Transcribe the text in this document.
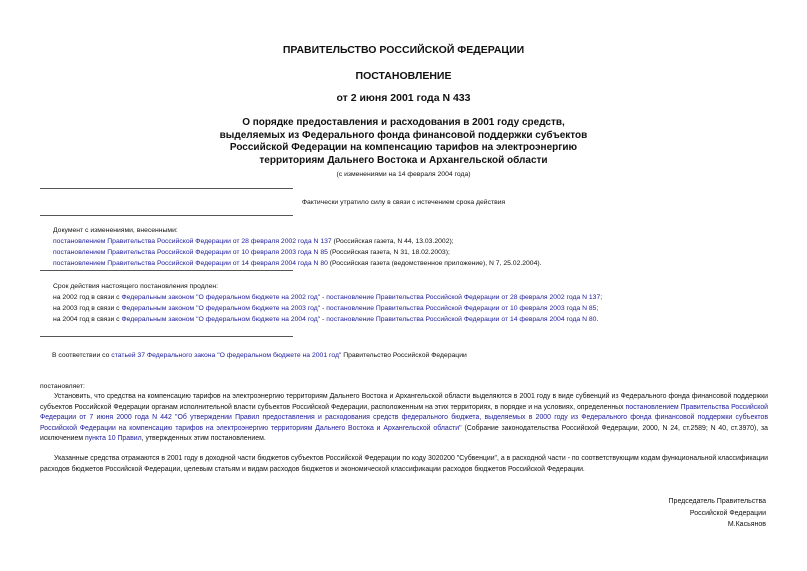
ПРАВИТЕЛЬСТВО РОССИЙСКОЙ ФЕДЕРАЦИИ
ПОСТАНОВЛЕНИЕ
от 2 июня 2001 года N 433
О порядке предоставления и расходования в 2001 году средств,
выделяемых из Федерального фонда финансовой поддержки субъектов
Российской Федерации на компенсацию тарифов на электроэнергию
территориям Дальнего Востока и Архангельской области
(с изменениями на 14 февраля 2004 года)
Фактически утратило силу в связи с истечением срока действия
Документ с изменениями, внесенными:
постановлением Правительства Российской Федерации от 28 февраля 2002 года N 137 (Российская газета, N 44, 13.03.2002);
постановлением Правительства Российской Федерации от 10 февраля 2003 года N 85 (Российская газета, N 31, 18.02.2003);
постановлением Правительства Российской Федерации от 14 февраля 2004 года N 80 (Российская газета (ведомственное приложение), N 7, 25.02.2004).
Срок действия настоящего постановления продлен:
на 2002 год в связи с Федеральным законом "О федеральном бюджете на 2002 год" - постановление Правительства Российской Федерации от 28 февраля 2002 года N 137;
на 2003 год в связи с Федеральным законом "О федеральном бюджете на 2003 год" - постановление Правительства Российской Федерации от 10 февраля 2003 года N 85;
на 2004 год в связи с Федеральным законом "О федеральном бюджете на 2004 год" - постановление Правительства Российской Федерации от 14 февраля 2004 года N 80.
В соответствии со статьей 37 Федерального закона "О федеральном бюджете на 2001 год" Правительство Российской Федерации
постановляет:
Установить, что средства на компенсацию тарифов на электроэнергию территориям Дальнего Востока и Архангельской области выделяются в 2001 году в виде субвенций из Федерального фонда финансовой поддержки субъектов Российской Федерации органам исполнительной власти субъектов Российской Федерации, расположенным на этих территориях, в порядке и на условиях, определенных постановлением Правительства Российской Федерации от 7 июня 2000 года N 442 "Об утверждении Правил предоставления и расходования средств федерального бюджета, выделяемых в 2000 году из Федерального фонда финансовой поддержки субъектов Российской Федерации на компенсацию тарифов на электроэнергию территориям Дальнего Востока и Архангельской области" (Собрание законодательства Российской Федерации, 2000, N 24, ст.2589; N 40, ст.3970), за исключением пункта 10 Правил, утвержденных этим постановлением.
Указанные средства отражаются в 2001 году в доходной части бюджетов субъектов Российской Федерации по коду 3020200 "Субвенции", а в расходной части - по соответствующим кодам функциональной классификации расходов бюджетов Российской Федерации, целевым статьям и видам расходов бюджетов и экономической классификации расходов бюджетов Российской Федерации.
Председатель Правительства
Российской Федерации
М.Касьянов
